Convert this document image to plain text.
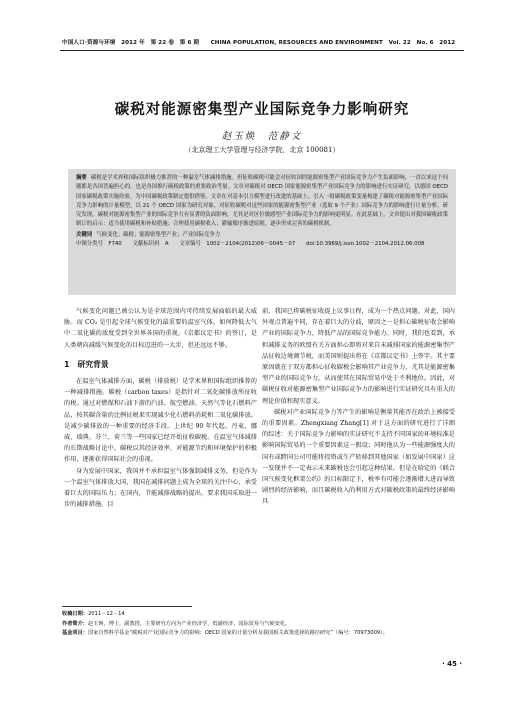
中国人口·资源与环境　2012 年　第 22 卷　第 6 期　　CHINA POPULATION, RESOURCES AND ENVIRONMENT　Vol. 22　No. 6　2012
碳税对能源密集型产业国际竞争力影响研究
赵玉焕　范静文
（北京理工大学管理与经济学院，北京 100081）

摘要 碳税是学术界和国际组织极力推荐的一种温室气体减排措施。但征收碳税可能会对征收国的能源密集型产业国际竞争力产生负面影响，一直以来这个问题都是各国普遍担心的，也是各国推行碳税政策的重要政治考量。文章对碳税对 OECD 国家能源密集型产业国际竞争力的影响进行实证研究，以德国 OECD 国家碳税政策实施经验，为中国碳税政策制定提供借鉴。文章在对基本引力模型进行改进的基础上，引入一组碳税政策变量构建了碳税对能源密集型产业国际竞争力影响的计量模型，以 21 个 OECD 国家为研究对象，对征收碳税对这些国家的能源密集型产业（选取 9 个产业）国际竞争力的影响进行计量分析。研究发现，碳税对能源密集型产业的国际竞争力有显著的负面影响，尤其是对区位敏感型产业国际竞争力的影响更明显。在此基础上，文章提出对我国碳税政策制订的启示：适当使用碳税和补贴措施；合理使用碳税收入；灌输循序渐进原则，逐步形成完善的碳税机制。

关键词 气候变化；碳税；能源密集型产业；产业国际竞争力
中图分类号　F740　　文献标识码　A　　文章编号　1002－2104(2012)06－0045－07　　doi:10.3969/j.issn.1002－2104.2012.06.008

气候变化问题已被公认为是全球范围内可持续发展面临的最大威胁。而 CO₂ 是引起全球气候变化的最重要的温室气体，如何降低大气中二氧化碳的浓度受到全世界各国的重视。《京都议定书》的签订，是人类朝向减缓气候变化的目标迈进的一大步，但还远远不够。

1 研究背景

在温室气体减排方面，碳税（排放税）是学术界和国际组织推荐的一种减排措施。碳税（carbon taxes）是指针对二氧化碳排放所征收的税。通过对燃煤和石油下游的汽油、航空燃油、天然气等化石燃料产品，按其碳含量的比例征税来实现减少化石燃料消耗和二氧化碳排放。是减少碳排放的一种重要的经济手段。上世纪 90 年代起，丹麦、挪威、瑞典、芬兰、荷兰等一些国家已经开始征收碳税。在温室气体减排的长期战略讨论中，碳税以其经济效率、对能源节约和环境保护的积极作用，逐渐获得国际社会的重视。

身为发展中国家，我国并不承担温室气体强制减排义务，但是作为一个温室气体排放大国，我国在减排问题上成为全球的关注中心，承受着巨大的国际压力；在国内，节能减排战略的提出，要求我国采取进一步的减排措施。目

前，我国已将碳税征收提上议事日程，成为一个热点问题。对此，国内外观点普遍不同，存在着巨大的分歧，原因之一是担心碳税征收会影响产业的国际竞争力，降低产品的国际竞争能力。同时，我们也看到，承担减排义务的欧盟有关方面担心即将对来自未减排国家的能源密集型产品征收边境调节税，而美国则提出将在《京都议定书》上签字。其主要原因就在于双方都担心征收碳税会影响其产业竞争力，尤其是能源密集型产业的国际竞争力，从而使其在国际贸易中处于不利地位。因此，对碳税征收对能源密集型产业国际竞争力的影响进行实证研究具有重大的理论价值和现实意义。

碳税对产业国际竞争力等产生的影响是衡量其能否在政治上被接受的重要因素。Zhengxiang Zhang[1] 对于这方面的研究进行了详细的综述：关于国际竞争力影响的实证研究不支持不同国家的环境标准是影响国际贸易的一个重要因素这一假设；同时他认为一些能源强度大的国有或跨国公司可能将投资或生产转移到其他国家（如发展中国家）这一发现并不一定表示未来碳税也会引起这种结果。但是在给定的《联合国气候变化框架公约》的目标限定下，税率有可能会逐渐增大进而导致剧烈的经济影响，而且碳税收入的利用方式对碳税政策的最终经济影响具

收稿日期：2011－12－14
作者简介：赵玉焕，博士，副教授，主要研究方向为产业经济学、低碳经济、国际贸易与气候变化。
基金项目：国家自然科学基金“碳税对产业国际竞争力的影响：OECD 国家的计量分析及我国相关政策选择的路径研究”（编号：70973009）。
· 45 ·
